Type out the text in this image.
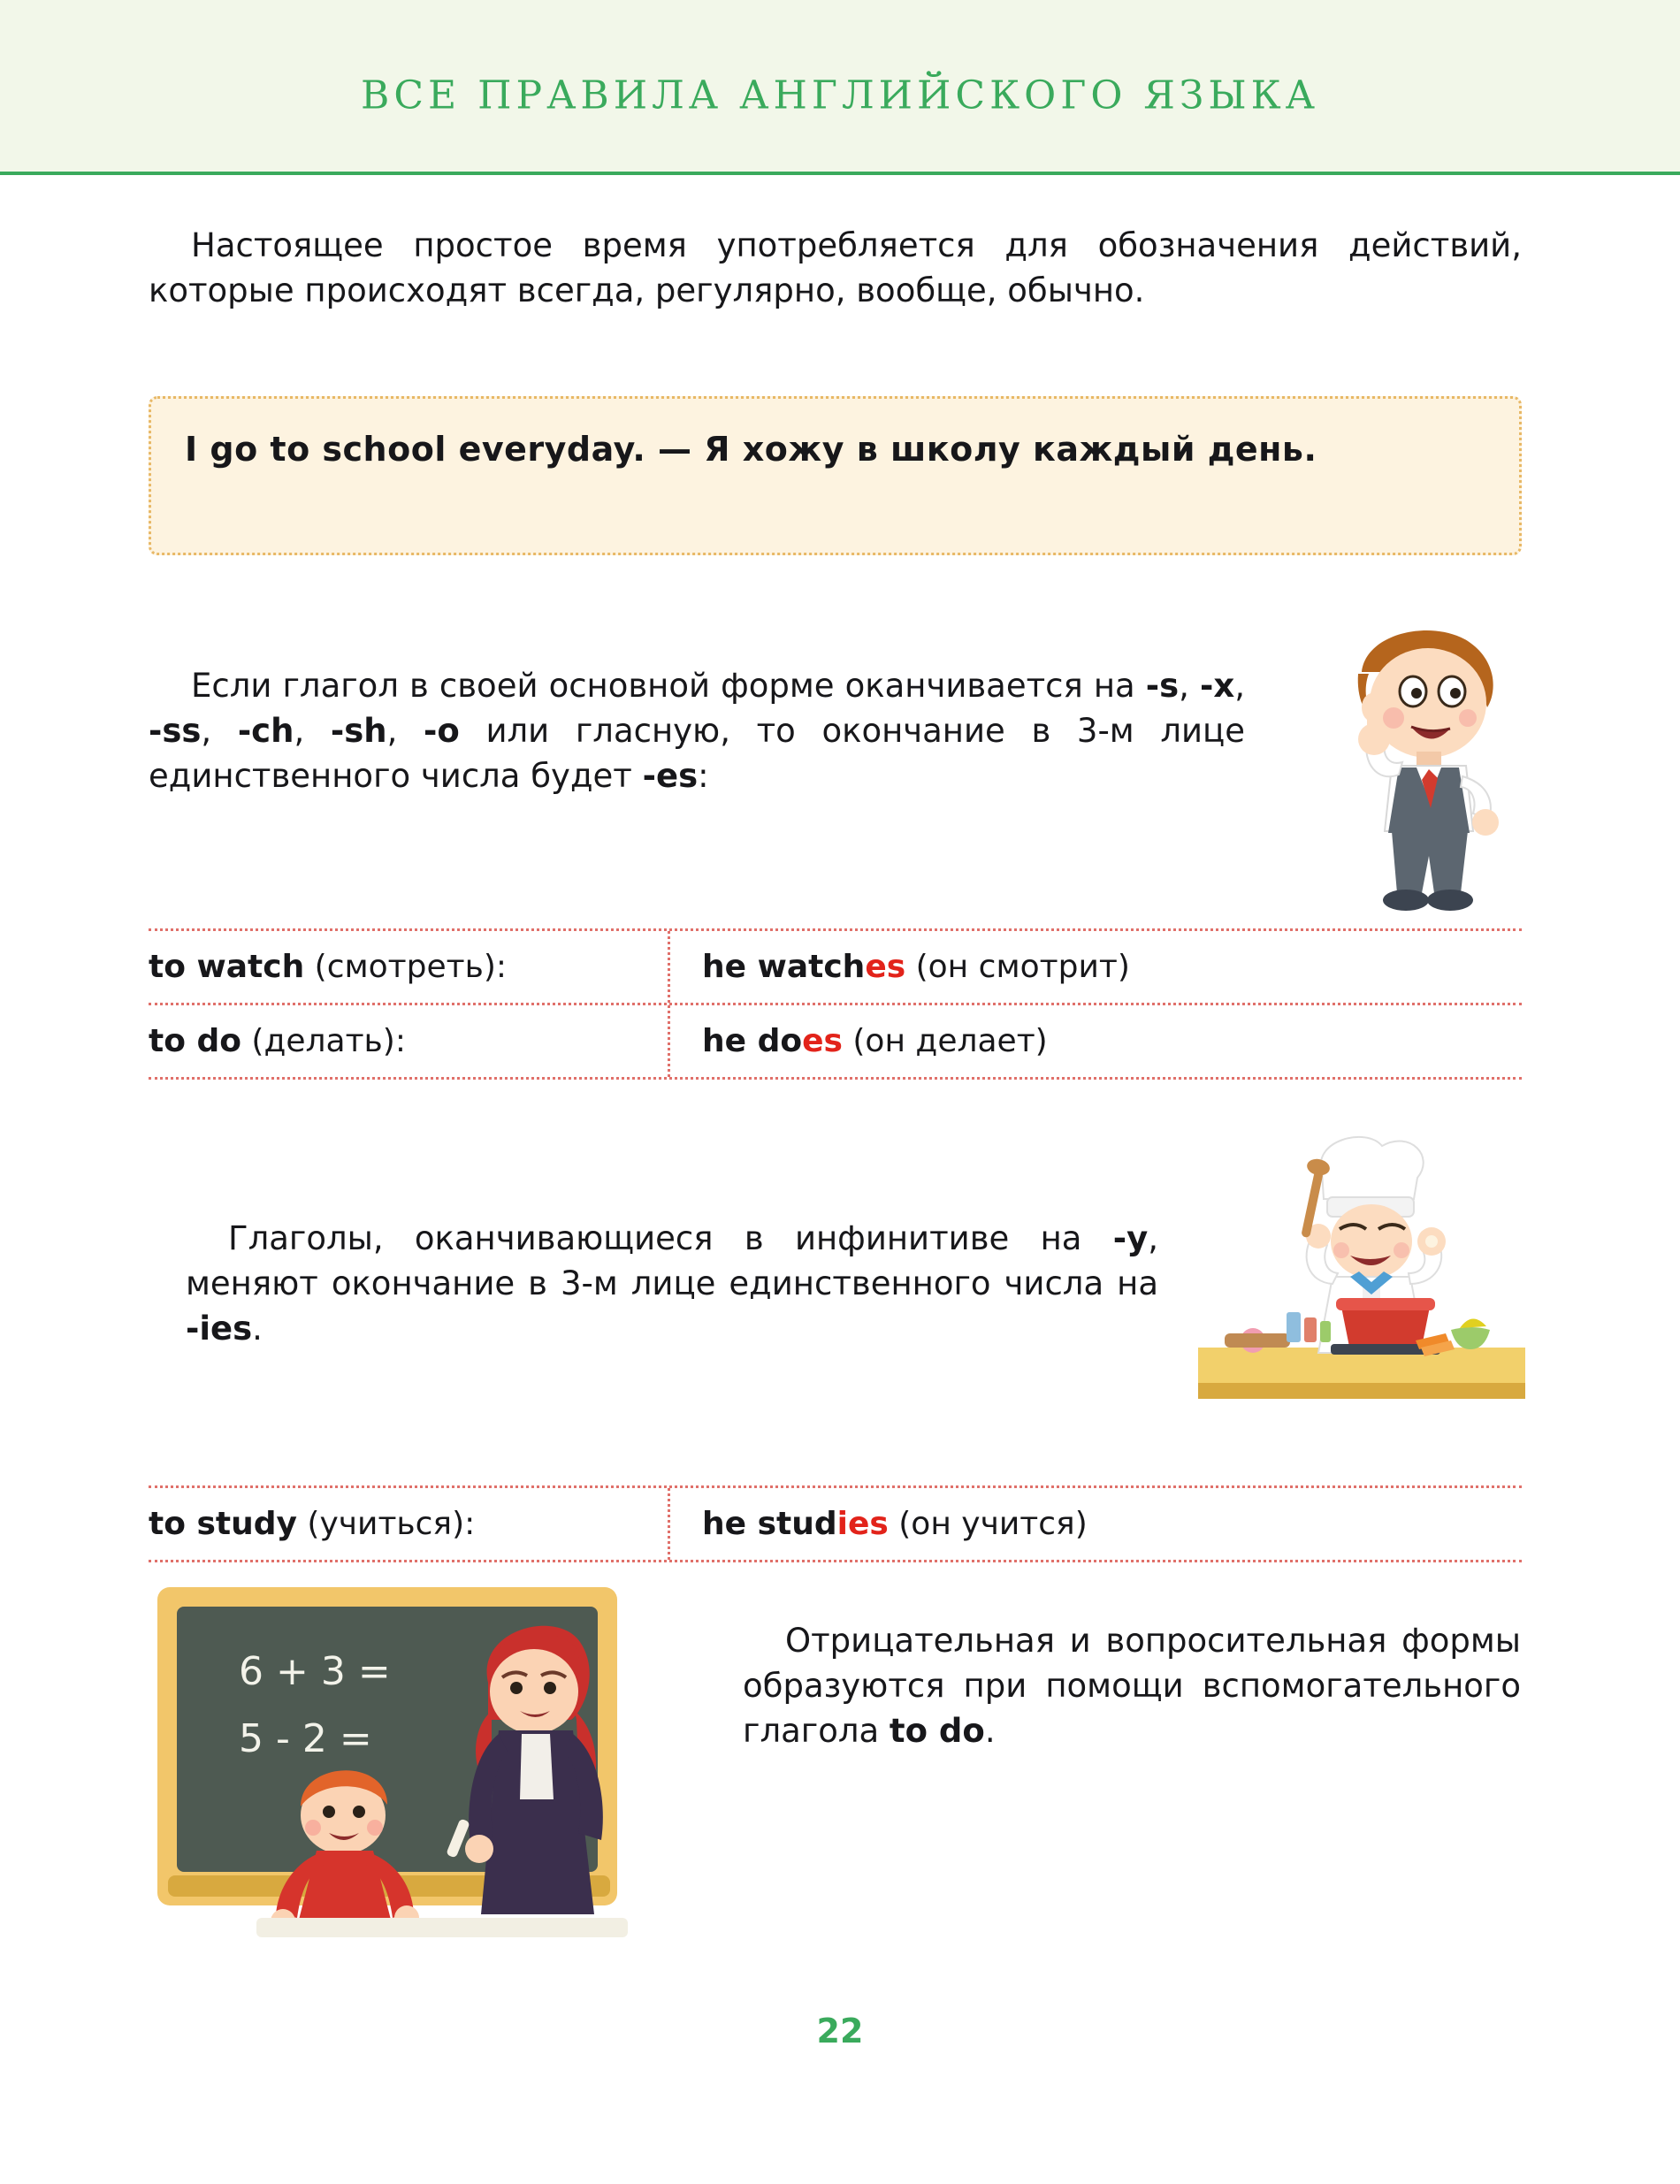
ВСЕ ПРАВИЛА АНГЛИЙСКОГО ЯЗЫКА
Настоящее простое время употребляется для обозначения действий, которые происходят всегда, регулярно, вообще, обычно.
I go to school everyday. — Я хожу в школу каждый день.
Если глагол в своей основной форме оканчивается на -s, -x, -ss, -ch, -sh, -o или гласную, то окончание в 3-м лице единственного числа будет -es:
to watch (смотреть):	he watches (он смотрит)
to do (делать):	he does (он делает)
Глаголы, оканчивающиеся в инфинитиве на -y, меняют окончание в 3-м лице единственного числа на -ies.
to study (учиться):	he studies (он учится)
6 + 3 =
5 - 2 =
Отрицательная и вопросительная формы образуются при помощи вспомогательного глагола to do.
22
